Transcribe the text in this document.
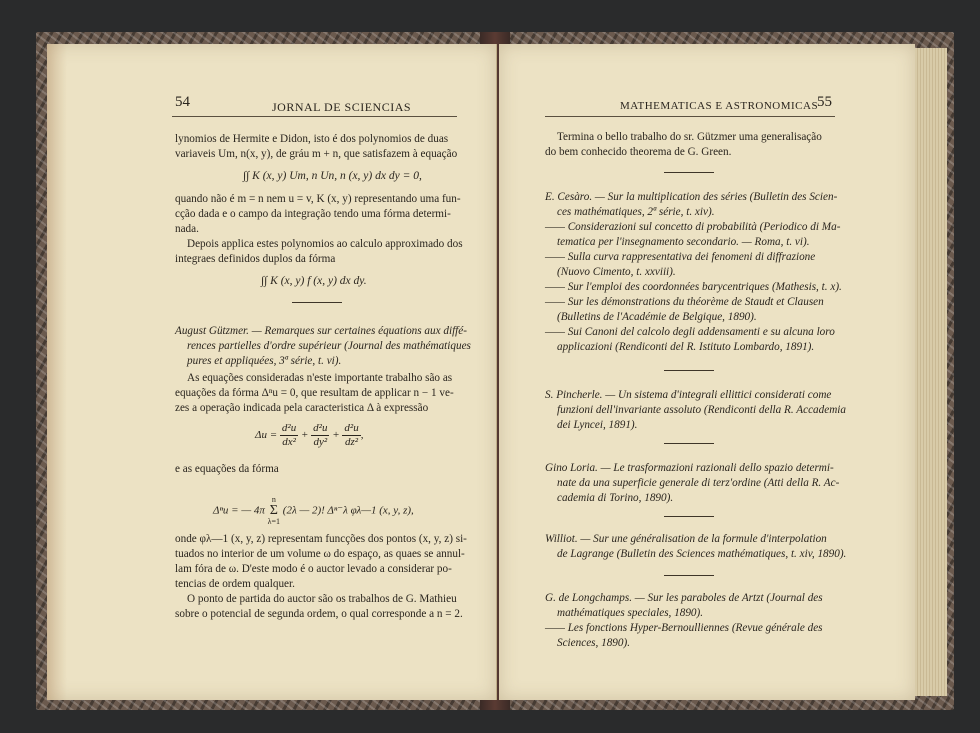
54	JORNAL DE SCIENCIAS
lynomios de Hermite e Didon, isto é dos polynomios de duas
variaveis Um, n(x, y), de gráu m + n, que satisfazem à equação
∫∫ K (x, y) Um, n Un, n (x, y) dx dy = 0,
quando não é m = n nem u = v, K (x, y) representando uma fun-
cção dada e o campo da integração tendo uma fórma determi-
nada.
Depois applica estes polynomios ao calculo approximado dos
integraes definidos duplos da fórma
∫∫ K (x, y) f (x, y) dx dy.
August Gützmer. — Remarques sur certaines équations aux diffé-
rences partielles d'ordre supérieur (Journal des mathématiques
pures et appliquées, 3ª série, t. vi).
As equações consideradas n'este importante trabalho são as
equações da fórma Δⁿu = 0, que resultam de applicar n − 1 ve-
zes a operação indicada pela caracteristica Δ à expressão
$\Delta u = \frac{\text{d²u}}{\text{dx²}} + \frac{\text{d²u}}{\text{dy²}} + \frac{\text{d²u}}{\text{dz²}}$ ,
e as equações da fórma
Δⁿu = — 4π
n
Σ
λ=1
(2λ — 2)! Δⁿ⁻λ φλ—1 (x, y, z),
onde φλ—1 (x, y, z) representam funcções dos pontos (x, y, z) si-
tuados no interior de um volume ω do espaço, as quaes se annul-
lam fóra de ω. D'este modo é o auctor levado a considerar po-
tencias de ordem qualquer.
O ponto de partida do auctor são os trabalhos de G. Mathieu
sobre o potencial de segunda ordem, o qual corresponde a n = 2.
MATHEMATICAS E ASTRONOMICAS
55
Termina o bello trabalho do sr. Gützmer uma generalisação
do bem conhecido theorema de G. Green.
E. Cesàro. — Sur la multiplication des séries (Bulletin des Scien-
ces mathématiques, 2ª série, t. xiv).
—— Considerazioni sul concetto di probabilità (Periodico di Ma-
tematica per l'insegnamento secondario. — Roma, t. vi).
—— Sulla curva rappresentativa dei fenomeni di diffrazione
(Nuovo Cimento, t. xxviii).
—— Sur l'emploi des coordonnées barycentriques (Mathesis, t. x).
—— Sur les démonstrations du théorème de Staudt et Clausen
(Bulletins de l'Académie de Belgique, 1890).
—— Sui Canoni del calcolo degli addensamenti e su alcuna loro
applicazioni (Rendiconti del R. Istituto Lombardo, 1891).
S. Pincherle. — Un sistema d'integrali ellittici considerati come
funzioni dell'invariante assoluto (Rendiconti della R. Accademia
dei Lyncei, 1891).
Gino Loria. — Le trasformazioni razionali dello spazio determi-
nate da una superficie generale di terz'ordine (Atti della R. Ac-
cademia di Torino, 1890).
Williot. — Sur une généralisation de la formule d'interpolation
de Lagrange (Bulletin des Sciences mathématiques, t. xiv, 1890).
G. de Longchamps. — Sur les paraboles de Artzt (Journal des
mathématiques speciales, 1890).
—— Les fonctions Hyper-Bernoulliennes (Revue générale des
Sciences, 1890).
